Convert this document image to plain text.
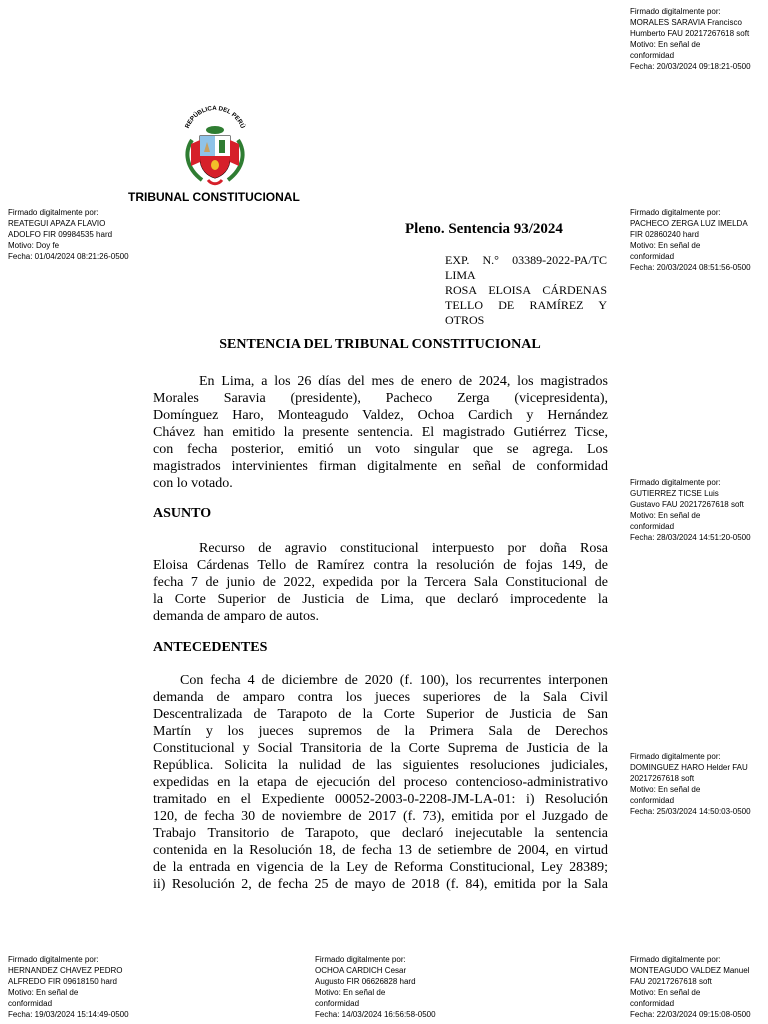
Firmado digitalmente por:
MORALES SARAVIA Francisco
Humberto FAU 20217267618 soft
Motivo: En señal de
conformidad
Fecha: 20/03/2024 09:18:21-0500
Firmado digitalmente por:
REATEGUI APAZA FLAVIO
ADOLFO FIR 09984535 hard
Motivo: Doy fe
Fecha: 01/04/2024 08:21:26-0500
Firmado digitalmente por:
PACHECO ZERGA LUZ IMELDA
FIR 02860240 hard
Motivo: En señal de
conformidad
Fecha: 20/03/2024 08:51:56-0500
Firmado digitalmente por:
GUTIERREZ TICSE Luis
Gustavo FAU 20217267618 soft
Motivo: En señal de
conformidad
Fecha: 28/03/2024 14:51:20-0500
Firmado digitalmente por:
DOMINGUEZ HARO Helder FAU
20217267618 soft
Motivo: En señal de
conformidad
Fecha: 25/03/2024 14:50:03-0500
Firmado digitalmente por:
HERNANDEZ CHAVEZ PEDRO
ALFREDO FIR 09618150 hard
Motivo: En señal de
conformidad
Fecha: 19/03/2024 15:14:49-0500
Firmado digitalmente por:
OCHOA CARDICH Cesar
Augusto FIR 06626828 hard
Motivo: En señal de
conformidad
Fecha: 14/03/2024 16:56:58-0500
Firmado digitalmente por:
MONTEAGUDO VALDEZ Manuel
FAU 20217267618 soft
Motivo: En señal de
conformidad
Fecha: 22/03/2024 09:15:08-0500
REPÚBLICA DEL PERÚ
TRIBUNAL CONSTITUCIONAL
Pleno. Sentencia 93/2024
EXP. N.° 03389-2022-PA/TC
LIMA
ROSA ELOISA CÁRDENAS
TELLO DE RAMÍREZ Y
OTROS
SENTENCIA DEL TRIBUNAL CONSTITUCIONAL
En Lima, a los 26 días del mes de enero de 2024, los magistrados
Morales Saravia (presidente), Pacheco Zerga (vicepresidenta),
Domínguez Haro, Monteagudo Valdez, Ochoa Cardich y Hernández
Chávez han emitido la presente sentencia. El magistrado Gutiérrez Ticse,
con fecha posterior, emitió un voto singular que se agrega. Los
magistrados intervinientes firman digitalmente en señal de conformidad
con lo votado.
ASUNTO
Recurso de agravio constitucional interpuesto por doña Rosa
Eloisa Cárdenas Tello de Ramírez contra la resolución de fojas 149, de
fecha 7 de junio de 2022, expedida por la Tercera Sala Constitucional de
la Corte Superior de Justicia de Lima, que declaró improcedente la
demanda de amparo de autos.
ANTECEDENTES
Con fecha 4 de diciembre de 2020 (f. 100), los recurrentes interponen
demanda de amparo contra los jueces superiores de la Sala Civil
Descentralizada de Tarapoto de la Corte Superior de Justicia de San
Martín y los jueces supremos de la Primera Sala de Derechos
Constitucional y Social Transitoria de la Corte Suprema de Justicia de la
República. Solicita la nulidad de las siguientes resoluciones judiciales,
expedidas en la etapa de ejecución del proceso contencioso-administrativo
tramitado en el Expediente 00052-2003-0-2208-JM-LA-01: i) Resolución
120, de fecha 30 de noviembre de 2017 (f. 73), emitida por el Juzgado de
Trabajo Transitorio de Tarapoto, que declaró inejecutable la sentencia
contenida en la Resolución 18, de fecha 13 de setiembre de 2004, en virtud
de la entrada en vigencia de la Ley de Reforma Constitucional, Ley 28389;
ii) Resolución 2, de fecha 25 de mayo de 2018 (f. 84), emitida por la Sala
